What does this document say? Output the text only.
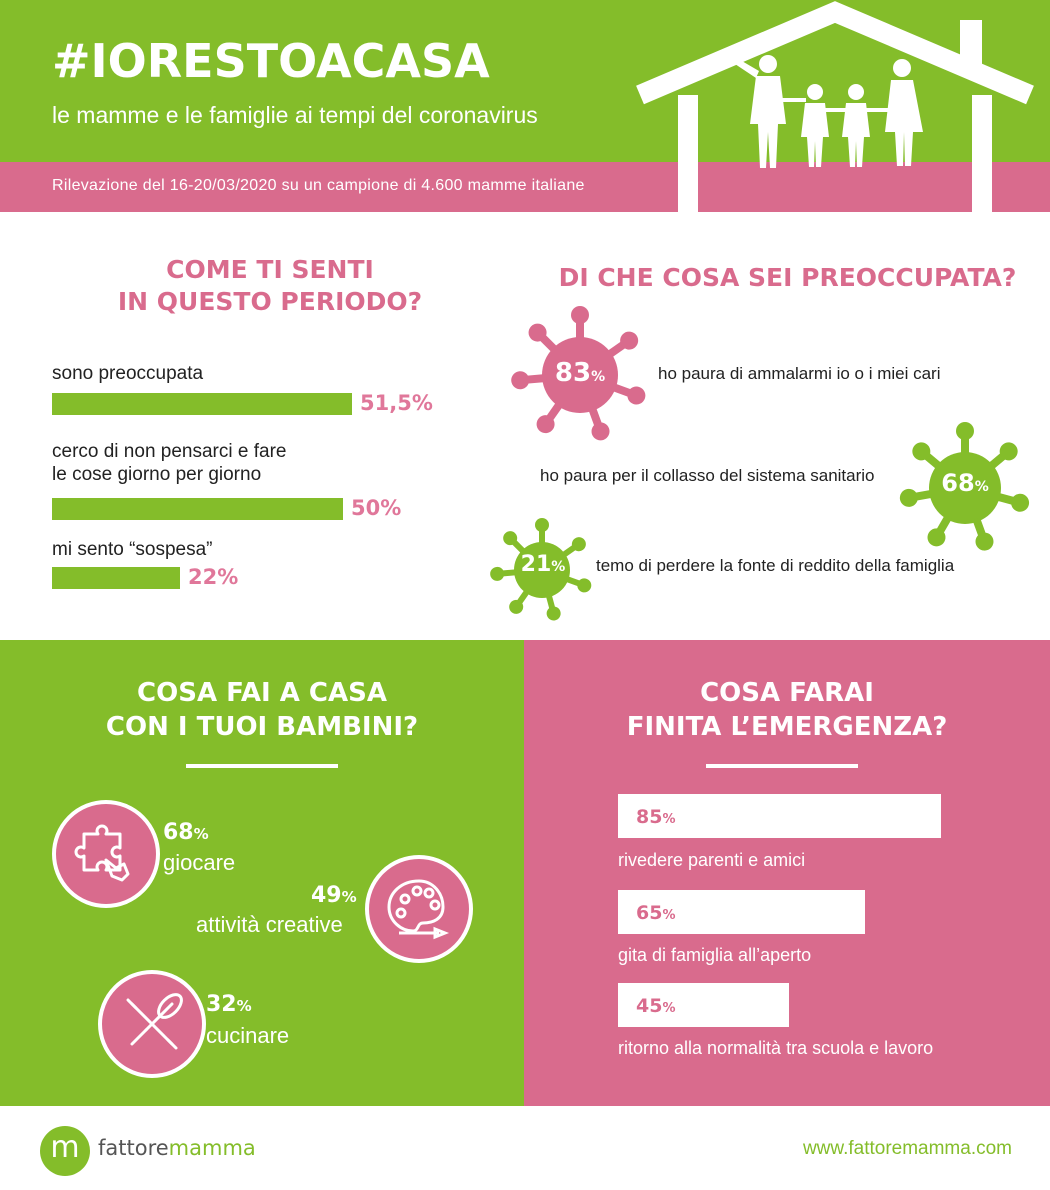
#IORESTOACASA
le mamme e le famiglie ai tempi del coronavirus
Rilevazione del 16-20/03/2020 su un campione di 4.600 mamme italiane
COME TI SENTI
IN QUESTO PERIODO?
sono preoccupata
51,5%
cerco di non pensarci e fare
le cose giorno per giorno
50%
mi sento “sospesa”
22%
DI CHE COSA SEI PREOCCUPATA?
83%	ho paura di ammalarmi io o i miei cari
68%
ho paura per il collasso del sistema sanitario
21%	temo di perdere la fonte di reddito della famiglia
COSA FAI A CASA
CON I TUOI BAMBINI?
68%
giocare
49%
attività creative
32%
cucinare
COSA FARAI
FINITA L’EMERGENZA?
85%
rivedere parenti e amici
65%
gita di famiglia all’aperto
45%
ritorno alla normalità tra scuola e lavoro
m fattoremamma	www.fattoremamma.com
